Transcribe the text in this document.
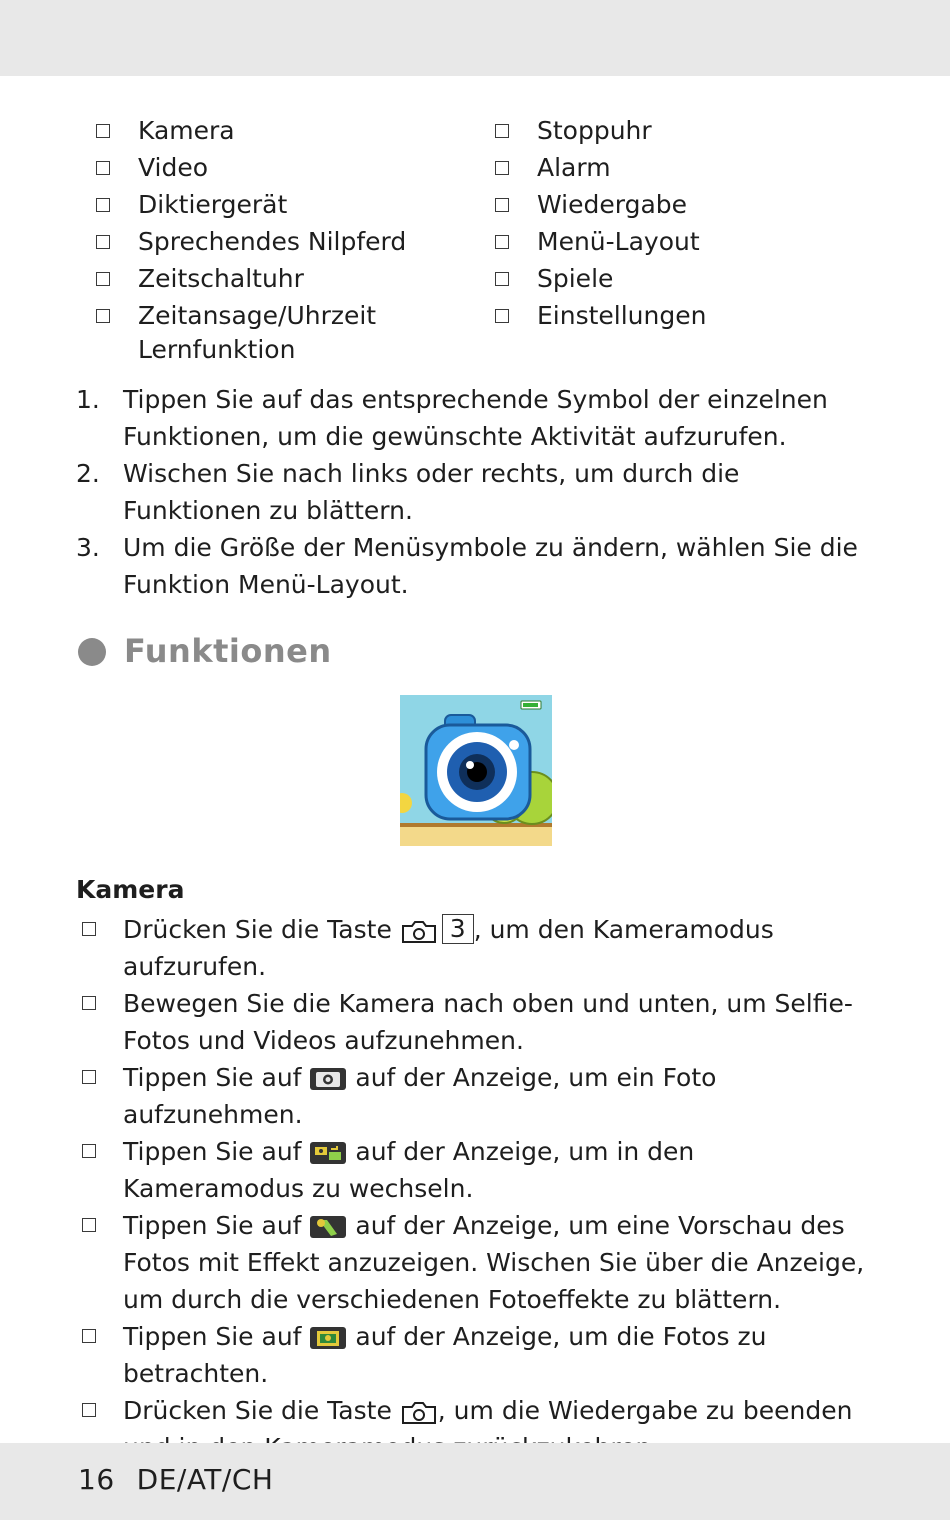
Kamera
Video
Diktiergerät
Sprechendes Nilpferd
Zeitschaltuhr
Zeitansage/Uhrzeit
Lernfunktion
Stoppuhr
Alarm
Wiedergabe
Menü-Layout
Spiele
Einstellungen
1. Tippen Sie auf das entsprechende Symbol der einzelnen Funktionen, um die gewünschte Aktivität aufzurufen.
2. Wischen Sie nach links oder rechts, um durch die Funktionen zu blättern.
3. Um die Größe der Menüsymbole zu ändern, wählen Sie die Funktion Menü-Layout.
Funktionen
Kamera
Drücken Sie die Taste 3 , um den Kameramodus aufzurufen.
Bewegen Sie die Kamera nach oben und unten, um Selfie-Fotos und Videos aufzunehmen.
Tippen Sie auf auf der Anzeige, um ein Foto aufzunehmen.
Tippen Sie auf auf der Anzeige, um in den Kameramodus zu wechseln.
Tippen Sie auf auf der Anzeige, um eine Vorschau des Fotos mit Effekt anzuzeigen. Wischen Sie über die Anzeige, um durch die verschiedenen Fotoeffekte zu blättern.
Tippen Sie auf auf der Anzeige, um die Fotos zu betrachten.
Drücken Sie die Taste , um die Wiedergabe zu beenden
16 DE/AT/CH
